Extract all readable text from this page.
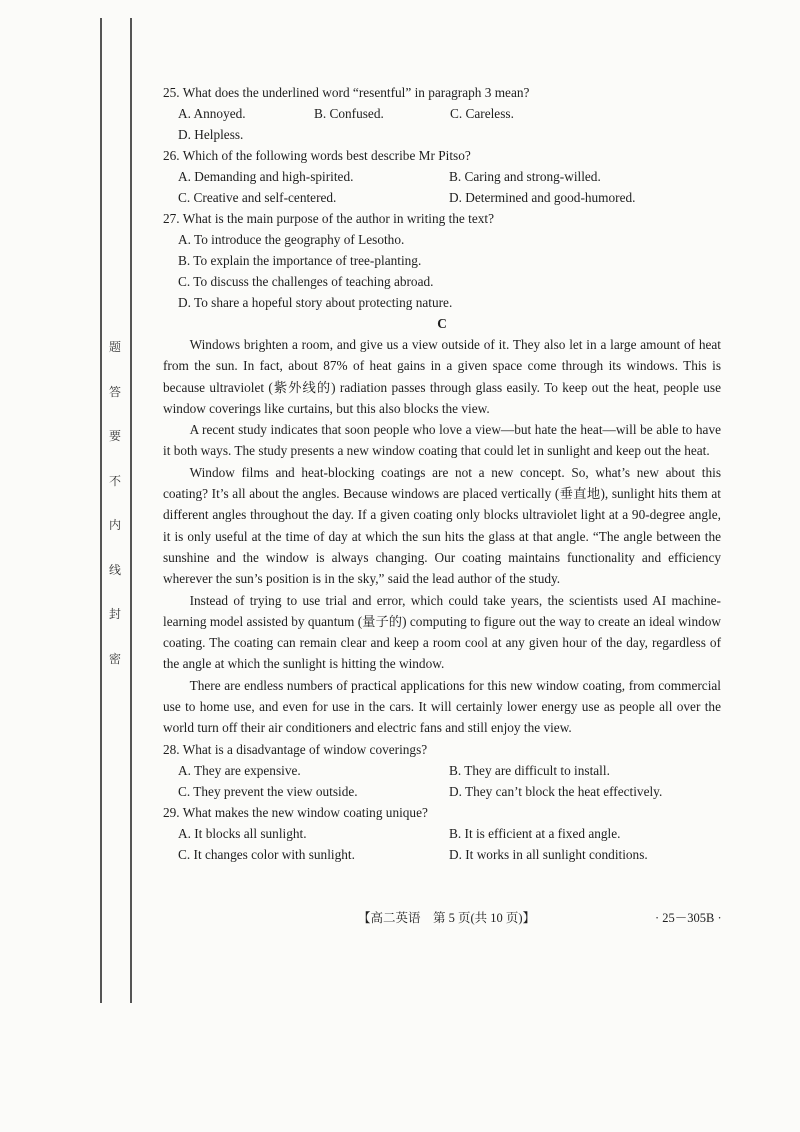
题
答
要
不
内
线
封
密

25. What does the underlined word “resentful” in paragraph 3 mean?

A. Annoyed.	B. Confused.	C. Careless.
D. Helpless.

26. Which of the following words best describe Mr Pitso?

A. Demanding and high-spirited.	B. Caring and strong-willed.
C. Creative and self-centered.	D. Determined and good-humored.

27. What is the main purpose of the author in writing the text?

A. To introduce the geography of Lesotho.
B. To explain the importance of tree-planting.
C. To discuss the challenges of teaching abroad.
D. To share a hopeful story about protecting nature.

C

Windows brighten a room, and give us a view outside of it. They also let in a large amount of heat from the sun. In fact, about 87% of heat gains in a given space come through its windows. This is because ultraviolet (紫外线的) radiation passes through glass easily. To keep out the heat, people use window coverings like curtains, but this also blocks the view.

A recent study indicates that soon people who love a view—but hate the heat—will be able to have it both ways. The study presents a new window coating that could let in sunlight and keep out the heat.

Window films and heat-blocking coatings are not a new concept. So, what’s new about this coating? It’s all about the angles. Because windows are placed vertically (垂直地), sunlight hits them at different angles throughout the day. If a given coating only blocks ultraviolet light at a 90-degree angle, it is only useful at the time of day at which the sun hits the glass at that angle. “The angle between the sunshine and the window is always changing. Our coating maintains functionality and efficiency wherever the sun’s position is in the sky,” said the lead author of the study.

Instead of trying to use trial and error, which could take years, the scientists used AI machine-learning model assisted by quantum (量子的) computing to figure out the way to create an ideal window coating. The coating can remain clear and keep a room cool at any given hour of the day, regardless of the angle at which the sunlight is hitting the window.

There are endless numbers of practical applications for this new window coating, from commercial use to home use, and even for use in the cars. It will certainly lower energy use as people all over the world turn off their air conditioners and electric fans and still enjoy the view.

28. What is a disadvantage of window coverings?

A. They are expensive.	B. They are difficult to install.
C. They prevent the view outside.	D. They can’t block the heat effectively.

29. What makes the new window coating unique?

A. It blocks all sunlight.	B. It is efficient at a fixed angle.
C. It changes color with sunlight.	D. It works in all sunlight conditions.
【高二英语　第 5 页(共 10 页)】	· 25－305B ·
